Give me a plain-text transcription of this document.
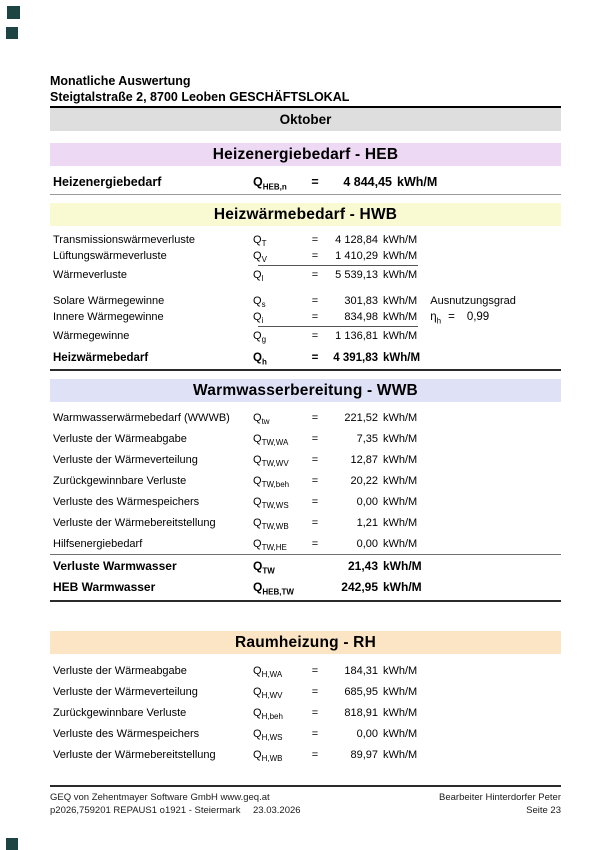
Monatliche Auswertung
Steigtalstraße 2, 8700 Leoben GESCHÄFTSLOKAL
Oktober
Heizenergiebedarf - HEB
Heizenergiebedarf	$Q_{HEB,n}$	=	4 844,45 kWh/M
Heizwärmebedarf - HWB
Transmissionswärmeverluste	$Q_T$	=	4 128,84 kWh/M
Lüftungswärmeverluste	$Q_V$	=	1 410,29 kWh/M
Wärmeverluste	$Q_l$	=	5 539,13 kWh/M
Solare Wärmegewinne	$Q_s$	=	301,83 kWh/M Ausnutzungsgrad
Innere Wärmegewinne	$Q_i$	=	834,98 kWh/M $\eta_h = 0,99$
Wärmegewinne	$Q_g$	=	1 136,81 kWh/M
Heizwärmebedarf	$Q_h$	=	4 391,83 kWh/M
Warmwasserbereitung - WWB
Warmwasserwärmebedarf (WWWB)	$Q_{tw}$	=	221,52 kWh/M
Verluste der Wärmeabgabe	$Q_{TW,WA}$	=	7,35 kWh/M
Verluste der Wärmeverteilung	$Q_{TW,WV}$	=	12,87 kWh/M
Zurückgewinnbare Verluste	$Q_{TW,beh}$	=	20,22 kWh/M
Verluste des Wärmespeichers	$Q_{TW,WS}$	=	0,00 kWh/M
Verluste der Wärmebereitstellung	$Q_{TW,WB}$	=	1,21 kWh/M
Hilfsenergiebedarf	$Q_{TW,HE}$	=	0,00 kWh/M
Verluste Warmwasser	$Q_{TW}$	21,43 kWh/M
HEB Warmwasser	$Q_{HEB,TW}$	242,95 kWh/M
Raumheizung - RH
Verluste der Wärmeabgabe	$Q_{H,WA}$	=	184,31 kWh/M
Verluste der Wärmeverteilung	$Q_{H,WV}$	=	685,95 kWh/M
Zurückgewinnbare Verluste	$Q_{H,beh}$	=	818,91 kWh/M
Verluste des Wärmespeichers	$Q_{H,WS}$	=	0,00 kWh/M
Verluste der Wärmebereitstellung	$Q_{H,WB}$	=	89,97 kWh/M
GEQ von Zehentmayer Software GmbH www.geq.at	Bearbeiter Hinterdorfer Peter
p2026,759201 REPAUS1 o1921 - Steiermark	23.03.2026	Seite 23
